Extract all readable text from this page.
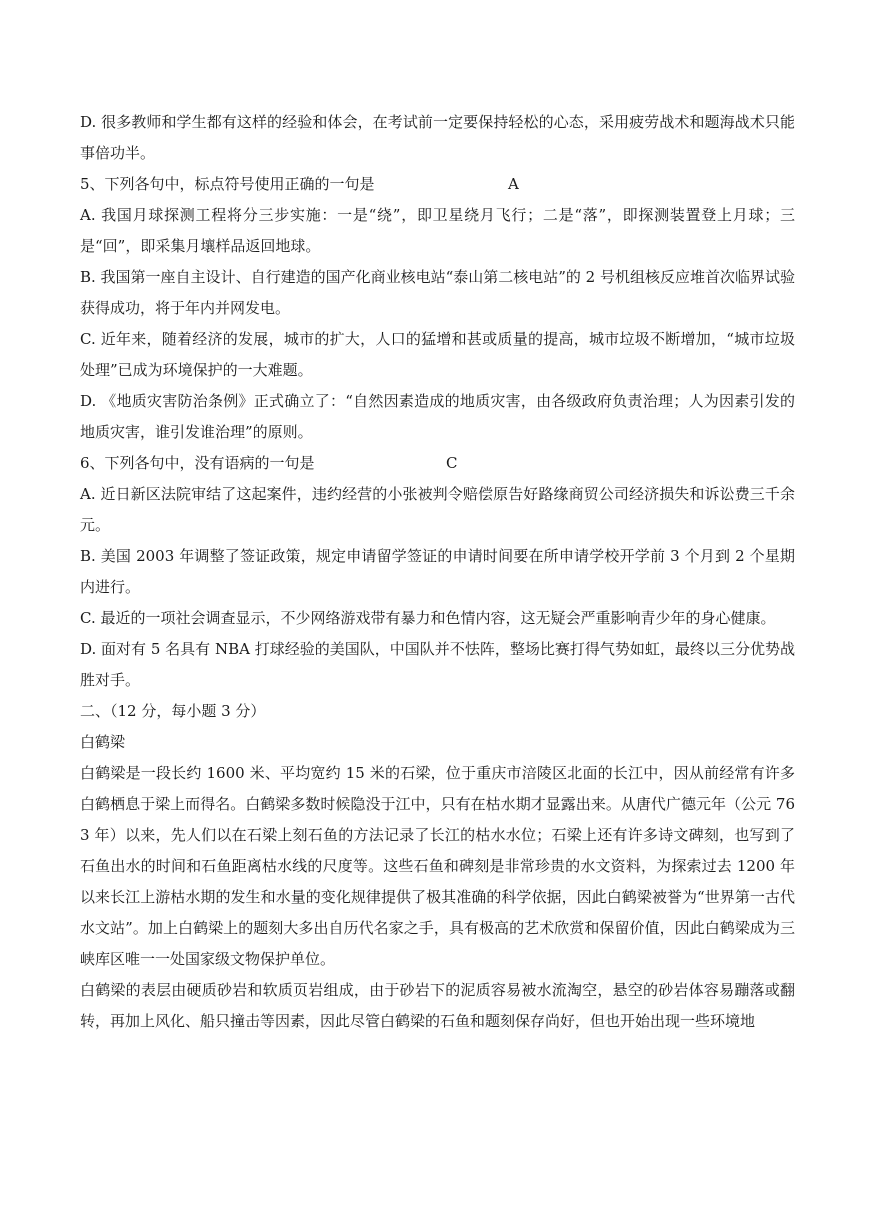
D. 很多教师和学生都有这样的经验和体会，在考试前一定要保持轻松的心态，采用疲劳战术和题海战术只能事倍功半。

5、下列各句中，标点符号使用正确的一句是	A

A. 我国月球探测工程将分三步实施：一是“绕”，即卫星绕月飞行；二是“落”，即探测装置登上月球；三是“回”，即采集月壤样品返回地球。

B. 我国第一座自主设计、自行建造的国产化商业核电站“泰山第二核电站”的 2 号机组核反应堆首次临界试验获得成功，将于年内并网发电。

C. 近年来，随着经济的发展，城市的扩大，人口的猛增和甚或质量的提高，城市垃圾不断增加，“城市垃圾处理”已成为环境保护的一大难题。

D. 《地质灾害防治条例》正式确立了：“自然因素造成的地质灾害，由各级政府负责治理；人为因素引发的地质灾害，谁引发谁治理”的原则。

6、下列各句中，没有语病的一句是	C

A. 近日新区法院审结了这起案件，违约经营的小张被判令赔偿原告好路缘商贸公司经济损失和诉讼费三千余元。

B. 美国 2003 年调整了签证政策，规定申请留学签证的申请时间要在所申请学校开学前 3 个月到 2 个星期内进行。

C. 最近的一项社会调查显示，不少网络游戏带有暴力和色情内容，这无疑会严重影响青少年的身心健康。

D. 面对有 5 名具有 NBA 打球经验的美国队，中国队并不怯阵，整场比赛打得气势如虹，最终以三分优势战胜对手。

二、（12 分，每小题 3 分）

白鹤梁

白鹤梁是一段长约 1600 米、平均宽约 15 米的石梁，位于重庆市涪陵区北面的长江中，因从前经常有许多白鹤栖息于梁上而得名。白鹤梁多数时候隐没于江中，只有在枯水期才显露出来。从唐代广德元年（公元 763 年）以来，先人们以在石梁上刻石鱼的方法记录了长江的枯水水位；石梁上还有许多诗文碑刻，也写到了石鱼出水的时间和石鱼距离枯水线的尺度等。这些石鱼和碑刻是非常珍贵的水文资料，为探索过去 1200 年以来长江上游枯水期的发生和水量的变化规律提供了极其准确的科学依据，因此白鹤梁被誉为“世界第一古代水文站”。加上白鹤梁上的题刻大多出自历代名家之手，具有极高的艺术欣赏和保留价值，因此白鹤梁成为三峡库区唯一一处国家级文物保护单位。

白鹤梁的表层由硬质砂岩和软质页岩组成，由于砂岩下的泥质容易被水流淘空，悬空的砂岩体容易蹦落或翻转，再加上风化、船只撞击等因素，因此尽管白鹤梁的石鱼和题刻保存尚好，但也开始出现一些环境地
